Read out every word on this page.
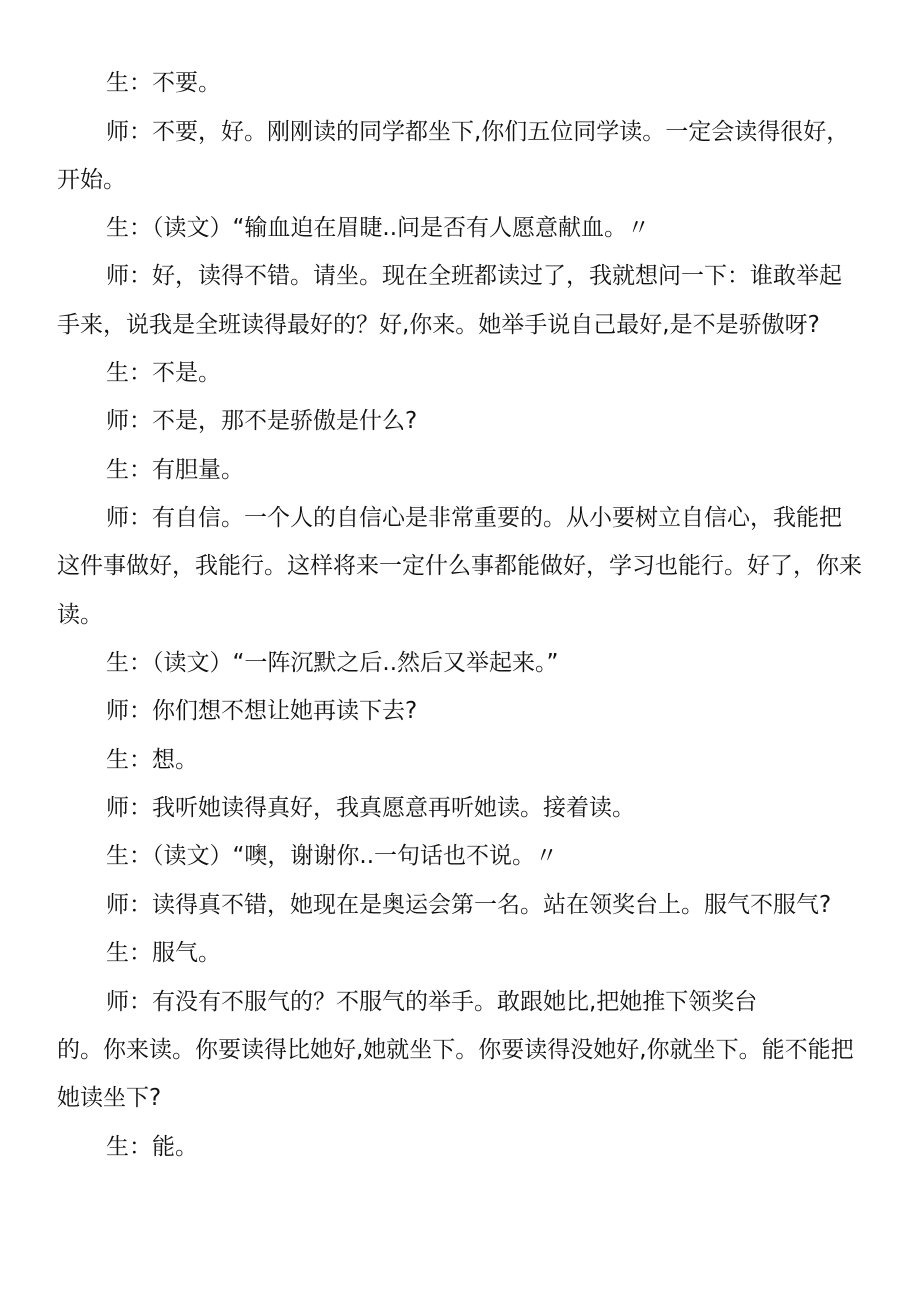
生：不要。
师：不要，好。刚刚读的同学都坐下,你们五位同学读。一定会读得很好，
开始。
生：（读文）“输血迫在眉睫..问是否有人愿意献血。〃
师：好，读得不错。请坐。现在全班都读过了，我就想问一下：谁敢举起
手来，说我是全班读得最好的？好,你来。她举手说自己最好,是不是骄傲呀?
生：不是。
师：不是，那不是骄傲是什么?
生：有胆量。
师：有自信。一个人的自信心是非常重要的。从小要树立自信心，我能把
这件事做好，我能行。这样将来一定什么事都能做好，学习也能行。好了，你来
读。
生：（读文）“一阵沉默之后..然后又举起来。”
师：你们想不想让她再读下去?
生：想。
师：我听她读得真好，我真愿意再听她读。接着读。
生：（读文）“噢，谢谢你..一句话也不说。〃
师：读得真不错，她现在是奥运会第一名。站在领奖台上。服气不服气?
生：服气。
师：有没有不服气的？不服气的举手。敢跟她比,把她推下领奖台
的。你来读。你要读得比她好,她就坐下。你要读得没她好,你就坐下。能不能把
她读坐下?
生：能。
